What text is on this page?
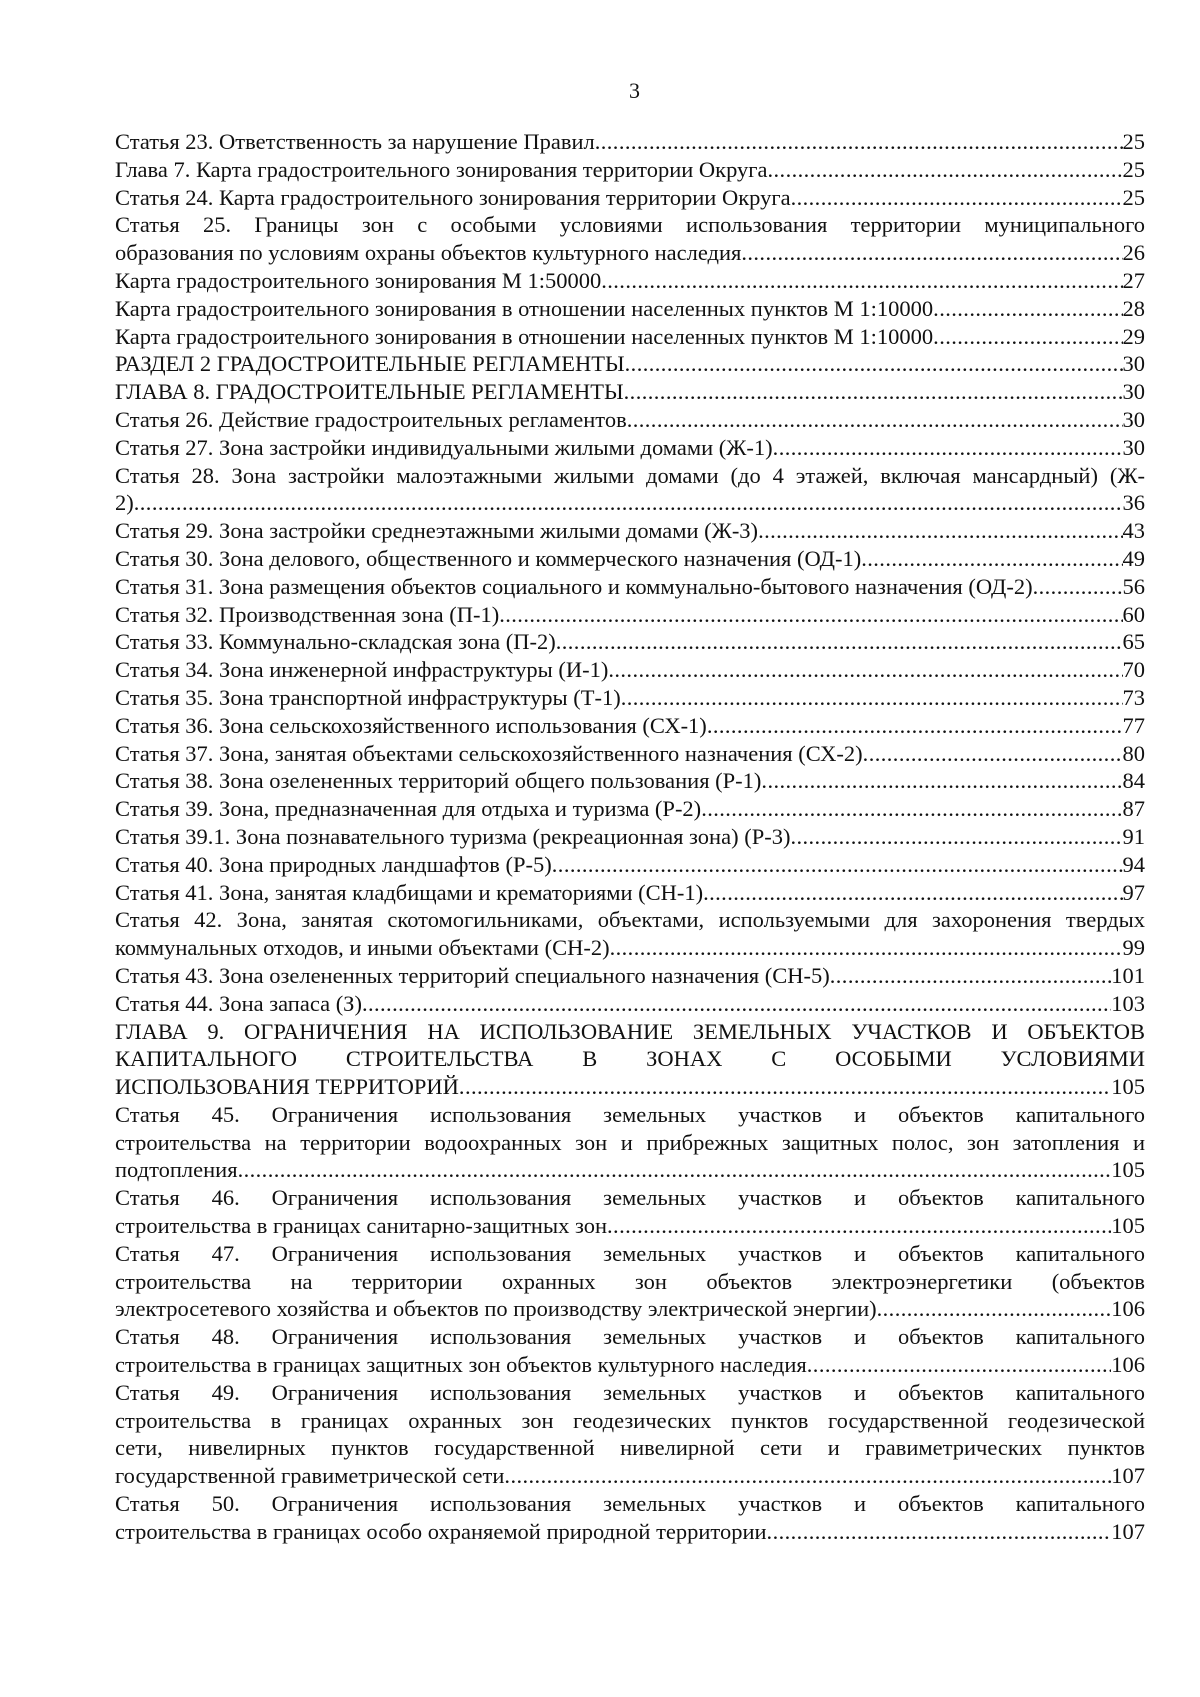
3
Статья 23. Ответственность за нарушение Правил .....	25
Глава 7. Карта градостроительного зонирования территории Округа .....	25
Статья 24. Карта градостроительного зонирования территории Округа .....	25
Статья 25. Границы зон с особыми условиями использования территории муниципального
образования по условиям охраны объектов культурного наследия .....	26
Карта градостроительного зонирования М 1:50000 .....	27
Карта градостроительного зонирования в отношении населенных пунктов М 1:10000 .....	28
Карта градостроительного зонирования в отношении населенных пунктов М 1:10000 .....	29
РАЗДЕЛ 2 ГРАДОСТРОИТЕЛЬНЫЕ РЕГЛАМЕНТЫ .....	30
ГЛАВА 8. ГРАДОСТРОИТЕЛЬНЫЕ РЕГЛАМЕНТЫ .....	30
Статья 26. Действие градостроительных регламентов .....	30
Статья 27. Зона застройки индивидуальными жилыми домами (Ж-1) .....	30
Статья 28. Зона застройки малоэтажными жилыми домами (до 4 этажей, включая мансардный) (Ж-
2) .....	36
Статья 29. Зона застройки среднеэтажными жилыми домами (Ж-3) .....	43
Статья 30. Зона делового, общественного и коммерческого назначения (ОД-1) .....	49
Статья 31. Зона размещения объектов социального и коммунально-бытового назначения (ОД-2) .....	56
Статья 32. Производственная зона (П-1) .....	60
Статья 33. Коммунально-складская зона (П-2) .....	65
Статья 34. Зона инженерной инфраструктуры (И-1) .....	70
Статья 35. Зона транспортной инфраструктуры (Т-1) .....	73
Статья 36. Зона сельскохозяйственного использования (СХ-1) .....	77
Статья 37. Зона, занятая объектами сельскохозяйственного назначения (СХ-2) .....	80
Статья 38. Зона озелененных территорий общего пользования (Р-1) .....	84
Статья 39. Зона, предназначенная для отдыха и туризма (Р-2) .....	87
Статья 39.1. Зона познавательного туризма (рекреационная зона) (Р-3) .....	91
Статья 40. Зона природных ландшафтов (Р-5) .....	94
Статья 41. Зона, занятая кладбищами и крематориями (СН-1) .....	97
Статья 42. Зона, занятая скотомогильниками, объектами, используемыми для захоронения твердых
коммунальных отходов, и иными объектами (СН-2) .....	99
Статья 43. Зона озелененных территорий специального назначения (СН-5) .....	101
Статья 44. Зона запаса (З) .....	103
ГЛАВА 9. ОГРАНИЧЕНИЯ НА ИСПОЛЬЗОВАНИЕ ЗЕМЕЛЬНЫХ УЧАСТКОВ И ОБЪЕКТОВ
КАПИТАЛЬНОГО СТРОИТЕЛЬСТВА В ЗОНАХ С ОСОБЫМИ УСЛОВИЯМИ
ИСПОЛЬЗОВАНИЯ ТЕРРИТОРИЙ .....	105
Статья 45. Ограничения использования земельных участков и объектов капитального
строительства на территории водоохранных зон и прибрежных защитных полос, зон затопления и
подтопления .....	105
Статья 46. Ограничения использования земельных участков и объектов капитального
строительства в границах санитарно-защитных зон .....	105
Статья 47. Ограничения использования земельных участков и объектов капитального
строительства на территории охранных зон объектов электроэнергетики (объектов
электросетевого хозяйства и объектов по производству электрической энергии) .....	106
Статья 48. Ограничения использования земельных участков и объектов капитального
строительства в границах защитных зон объектов культурного наследия .....	106
Статья 49. Ограничения использования земельных участков и объектов капитального
строительства в границах охранных зон геодезических пунктов государственной геодезической
сети, нивелирных пунктов государственной нивелирной сети и гравиметрических пунктов
государственной гравиметрической сети .....	107
Статья 50. Ограничения использования земельных участков и объектов капитального
строительства в границах особо охраняемой природной территории .....	107
